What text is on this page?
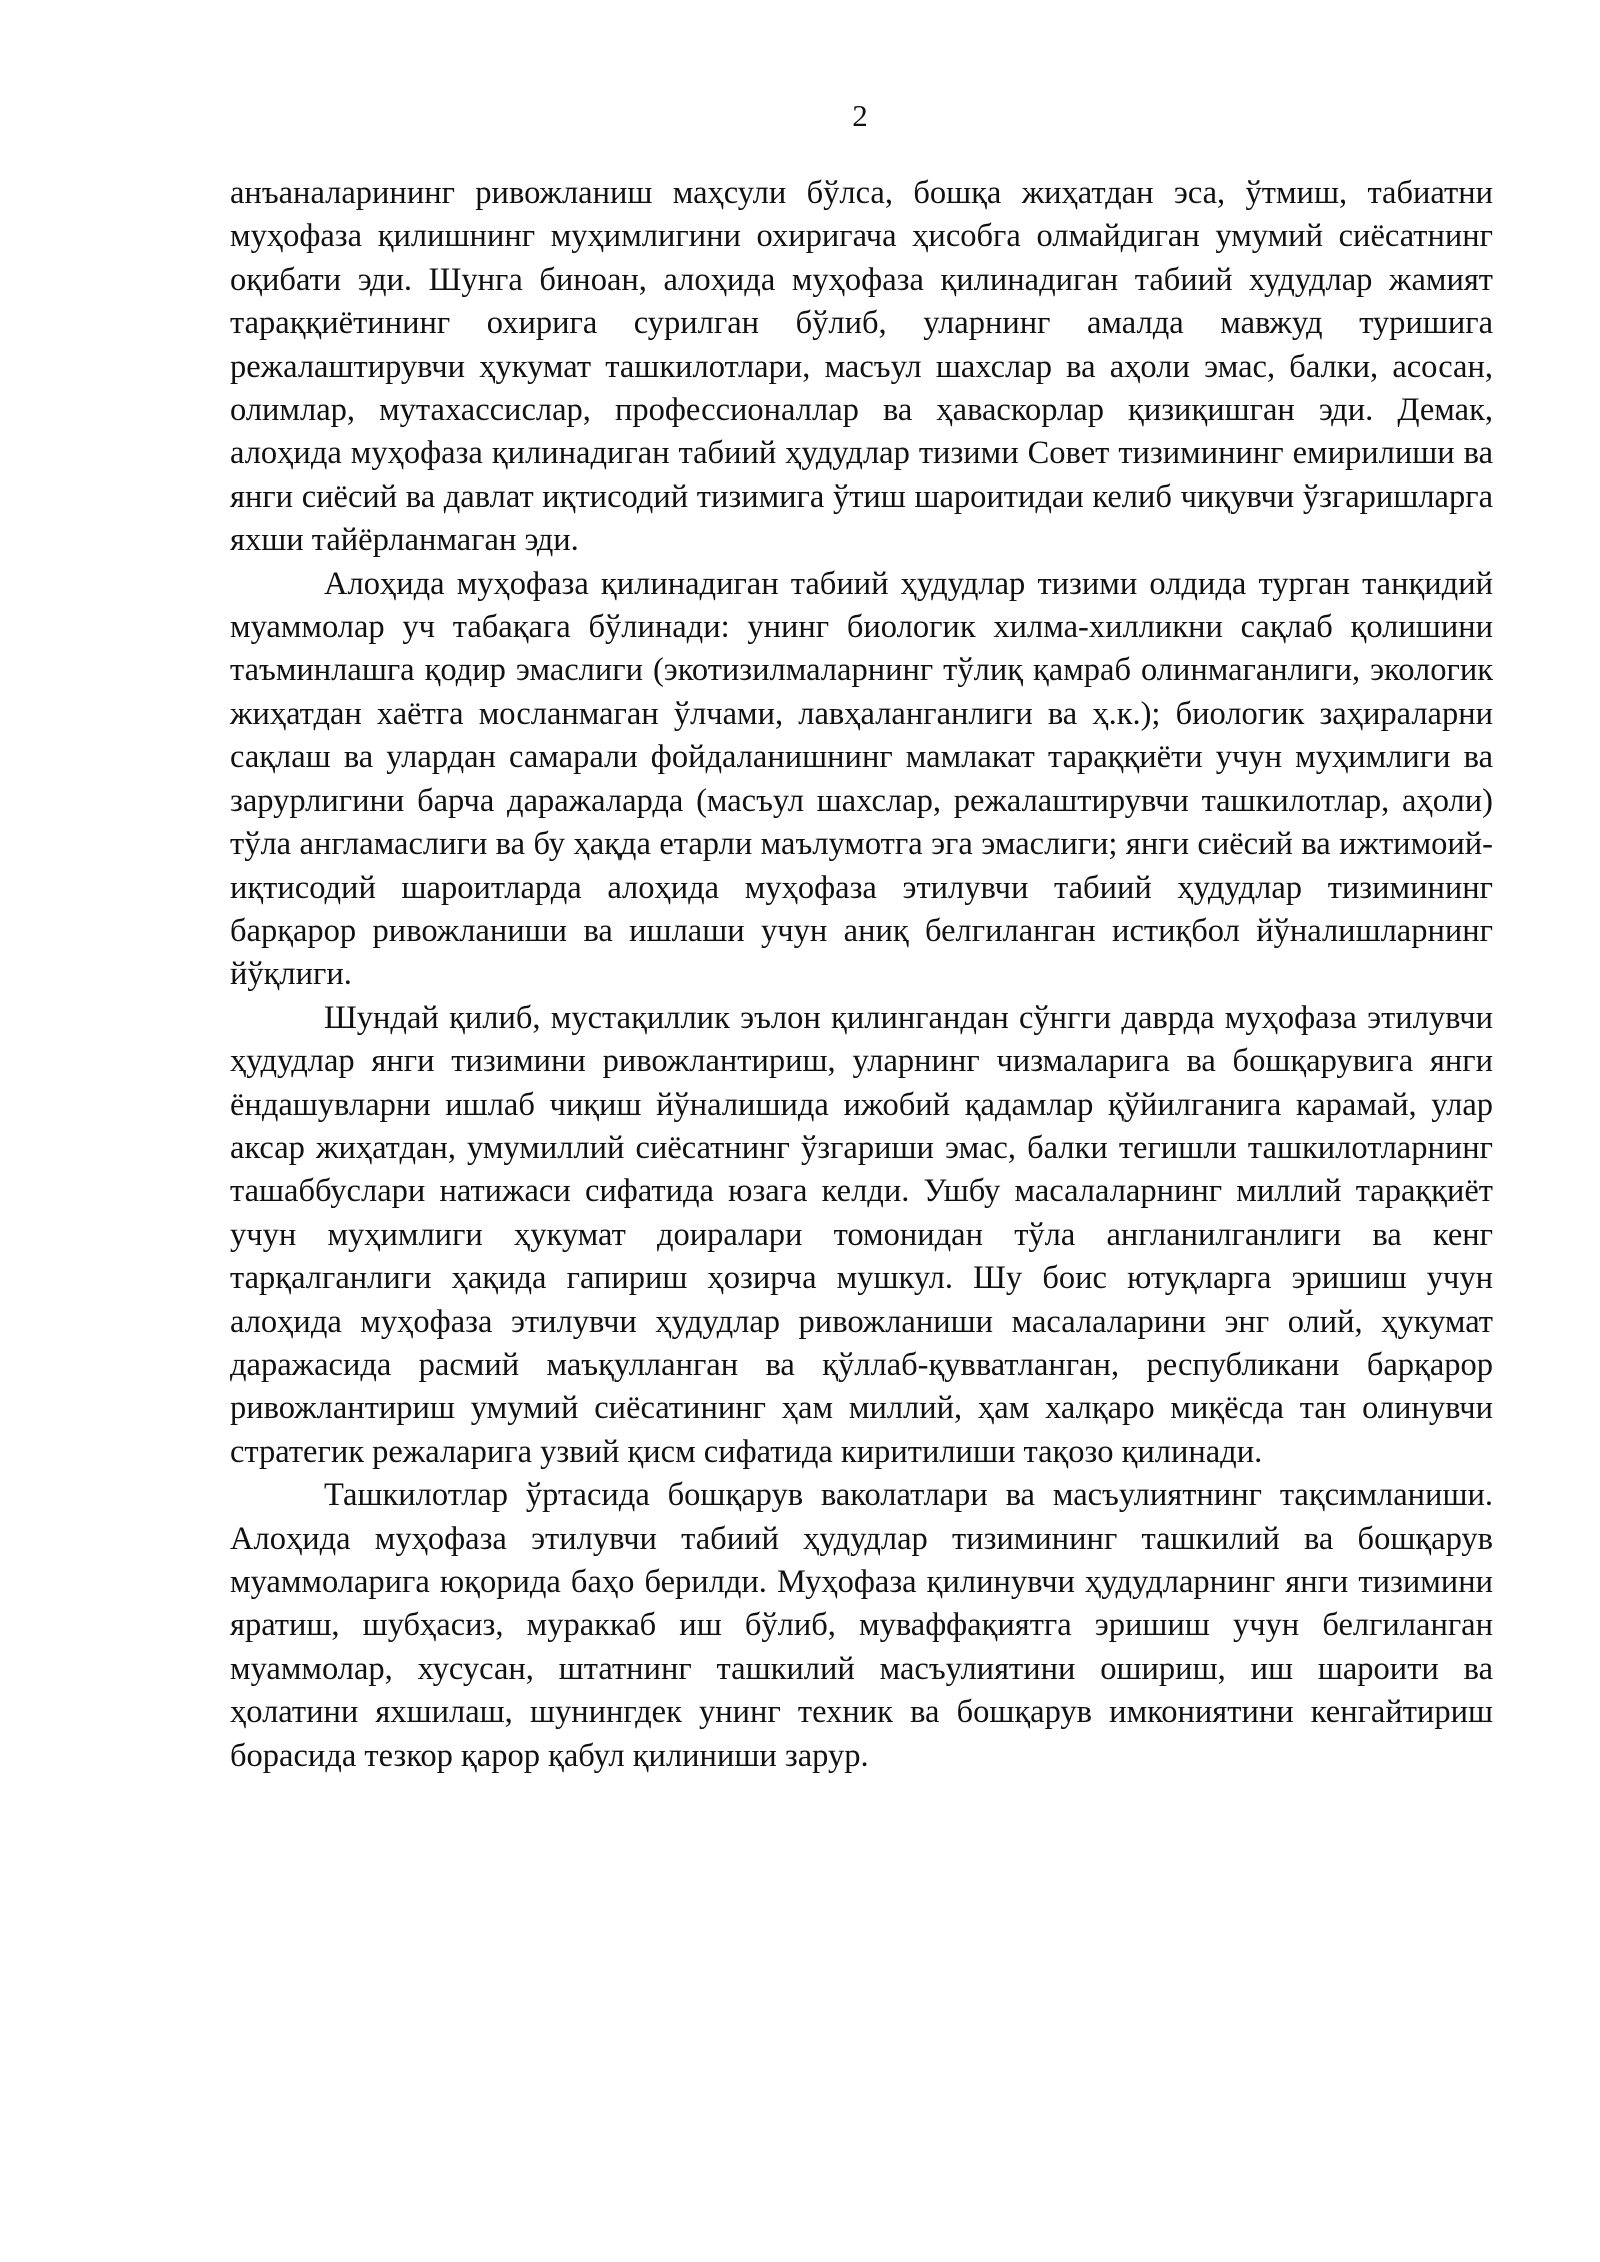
2

анъаналарининг ривожланиш маҳсули бўлса, бошқа жиҳатдан эса, ўтмиш, табиатни муҳофаза қилишнинг муҳимлигини охиригача ҳисобга олмайдиган умумий сиёсатнинг оқибати эди. Шунга биноан, алоҳида муҳофаза қилинадиган табиий худудлар жамият тараққиётининг охирига сурилган бўлиб, уларнинг амалда мавжуд туришига режалаштирувчи ҳукумат ташкилотлари, масъул шахслар ва аҳоли эмас, балки, асосан, олимлар, мутахассислар, профессионаллар ва ҳаваскорлар қизиқишган эди. Демак, алоҳида муҳофаза қилинадиган табиий ҳудудлар тизими Совет тизимининг емирилиши ва янги сиёсий ва давлат иқтисодий тизимига ўтиш шароитидаи келиб чиқувчи ўзгаришларга яхши тайёрланмаган эди.

Алоҳида муҳофаза қилинадиган табиий ҳудудлар тизими олдида турган танқидий муаммолар уч табақага бўлинади: унинг биологик хилма-хилликни сақлаб қолишини таъминлашга қодир эмаслиги (экотизилмаларнинг тўлиқ қамраб олинмаганлиги, экологик жиҳатдан хаётга мосланмаган ўлчами, лавҳаланганлиги ва ҳ.к.); биологик заҳираларни сақлаш ва улардан самарали фойдаланишнинг мамлакат тараққиёти учун муҳимлиги ва зарурлигини барча даражаларда (масъул шахслар, режалаштирувчи ташкилотлар, аҳоли) тўла англамаслиги ва бу ҳақда етарли маълумотга эга эмаслиги; янги сиёсий ва ижтимоий-иқтисодий шароитларда алоҳида муҳофаза этилувчи табиий ҳудудлар тизимининг барқарор ривожланиши ва ишлаши учун аниқ белгиланган истиқбол йўналишларнинг йўқлиги.

Шундай қилиб, мустақиллик эълон қилингандан сўнгги даврда муҳофаза этилувчи ҳудудлар янги тизимини ривожлантириш, уларнинг чизмаларига ва бошқарувига янги ёндашувларни ишлаб чиқиш йўналишида ижобий қадамлар қўйилганига карамай, улар аксар жиҳатдан, умумиллий сиёсатнинг ўзгариши эмас, балки тегишли ташкилотларнинг ташаббуслари натижаси сифатида юзага келди. Ушбу масалаларнинг миллий тараққиёт учун муҳимлиги ҳукумат доиралари томонидан тўла англанилганлиги ва кенг тарқалганлиги ҳақида гапириш ҳозирча мушкул. Шу боис ютуқларга эришиш учун алоҳида муҳофаза этилувчи ҳудудлар ривожланиши масалаларини энг олий, ҳукумат даражасида расмий маъқулланган ва қўллаб-қувватланган, республикани барқарор ривожлантириш умумий сиёсатининг ҳам миллий, ҳам халқаро миқёсда тан олинувчи стратегик режаларига узвий қисм сифатида киритилиши тақозо қилинади.

Ташкилотлар ўртасида бошқарув ваколатлари ва масъулиятнинг тақсимланиши. Алоҳида муҳофаза этилувчи табиий ҳудудлар тизимининг ташкилий ва бошқарув муаммоларига юқорида баҳо берилди. Муҳофаза қилинувчи ҳудудларнинг янги тизимини яратиш, шубҳасиз, мураккаб иш бўлиб, муваффақиятга эришиш учун белгиланган муаммолар, хусусан, штатнинг ташкилий масъулиятини ошириш, иш шароити ва ҳолатини яхшилаш, шунингдек унинг техник ва бошқарув имкониятини кенгайтириш борасида тезкор қарор қабул қилиниши зарур.
